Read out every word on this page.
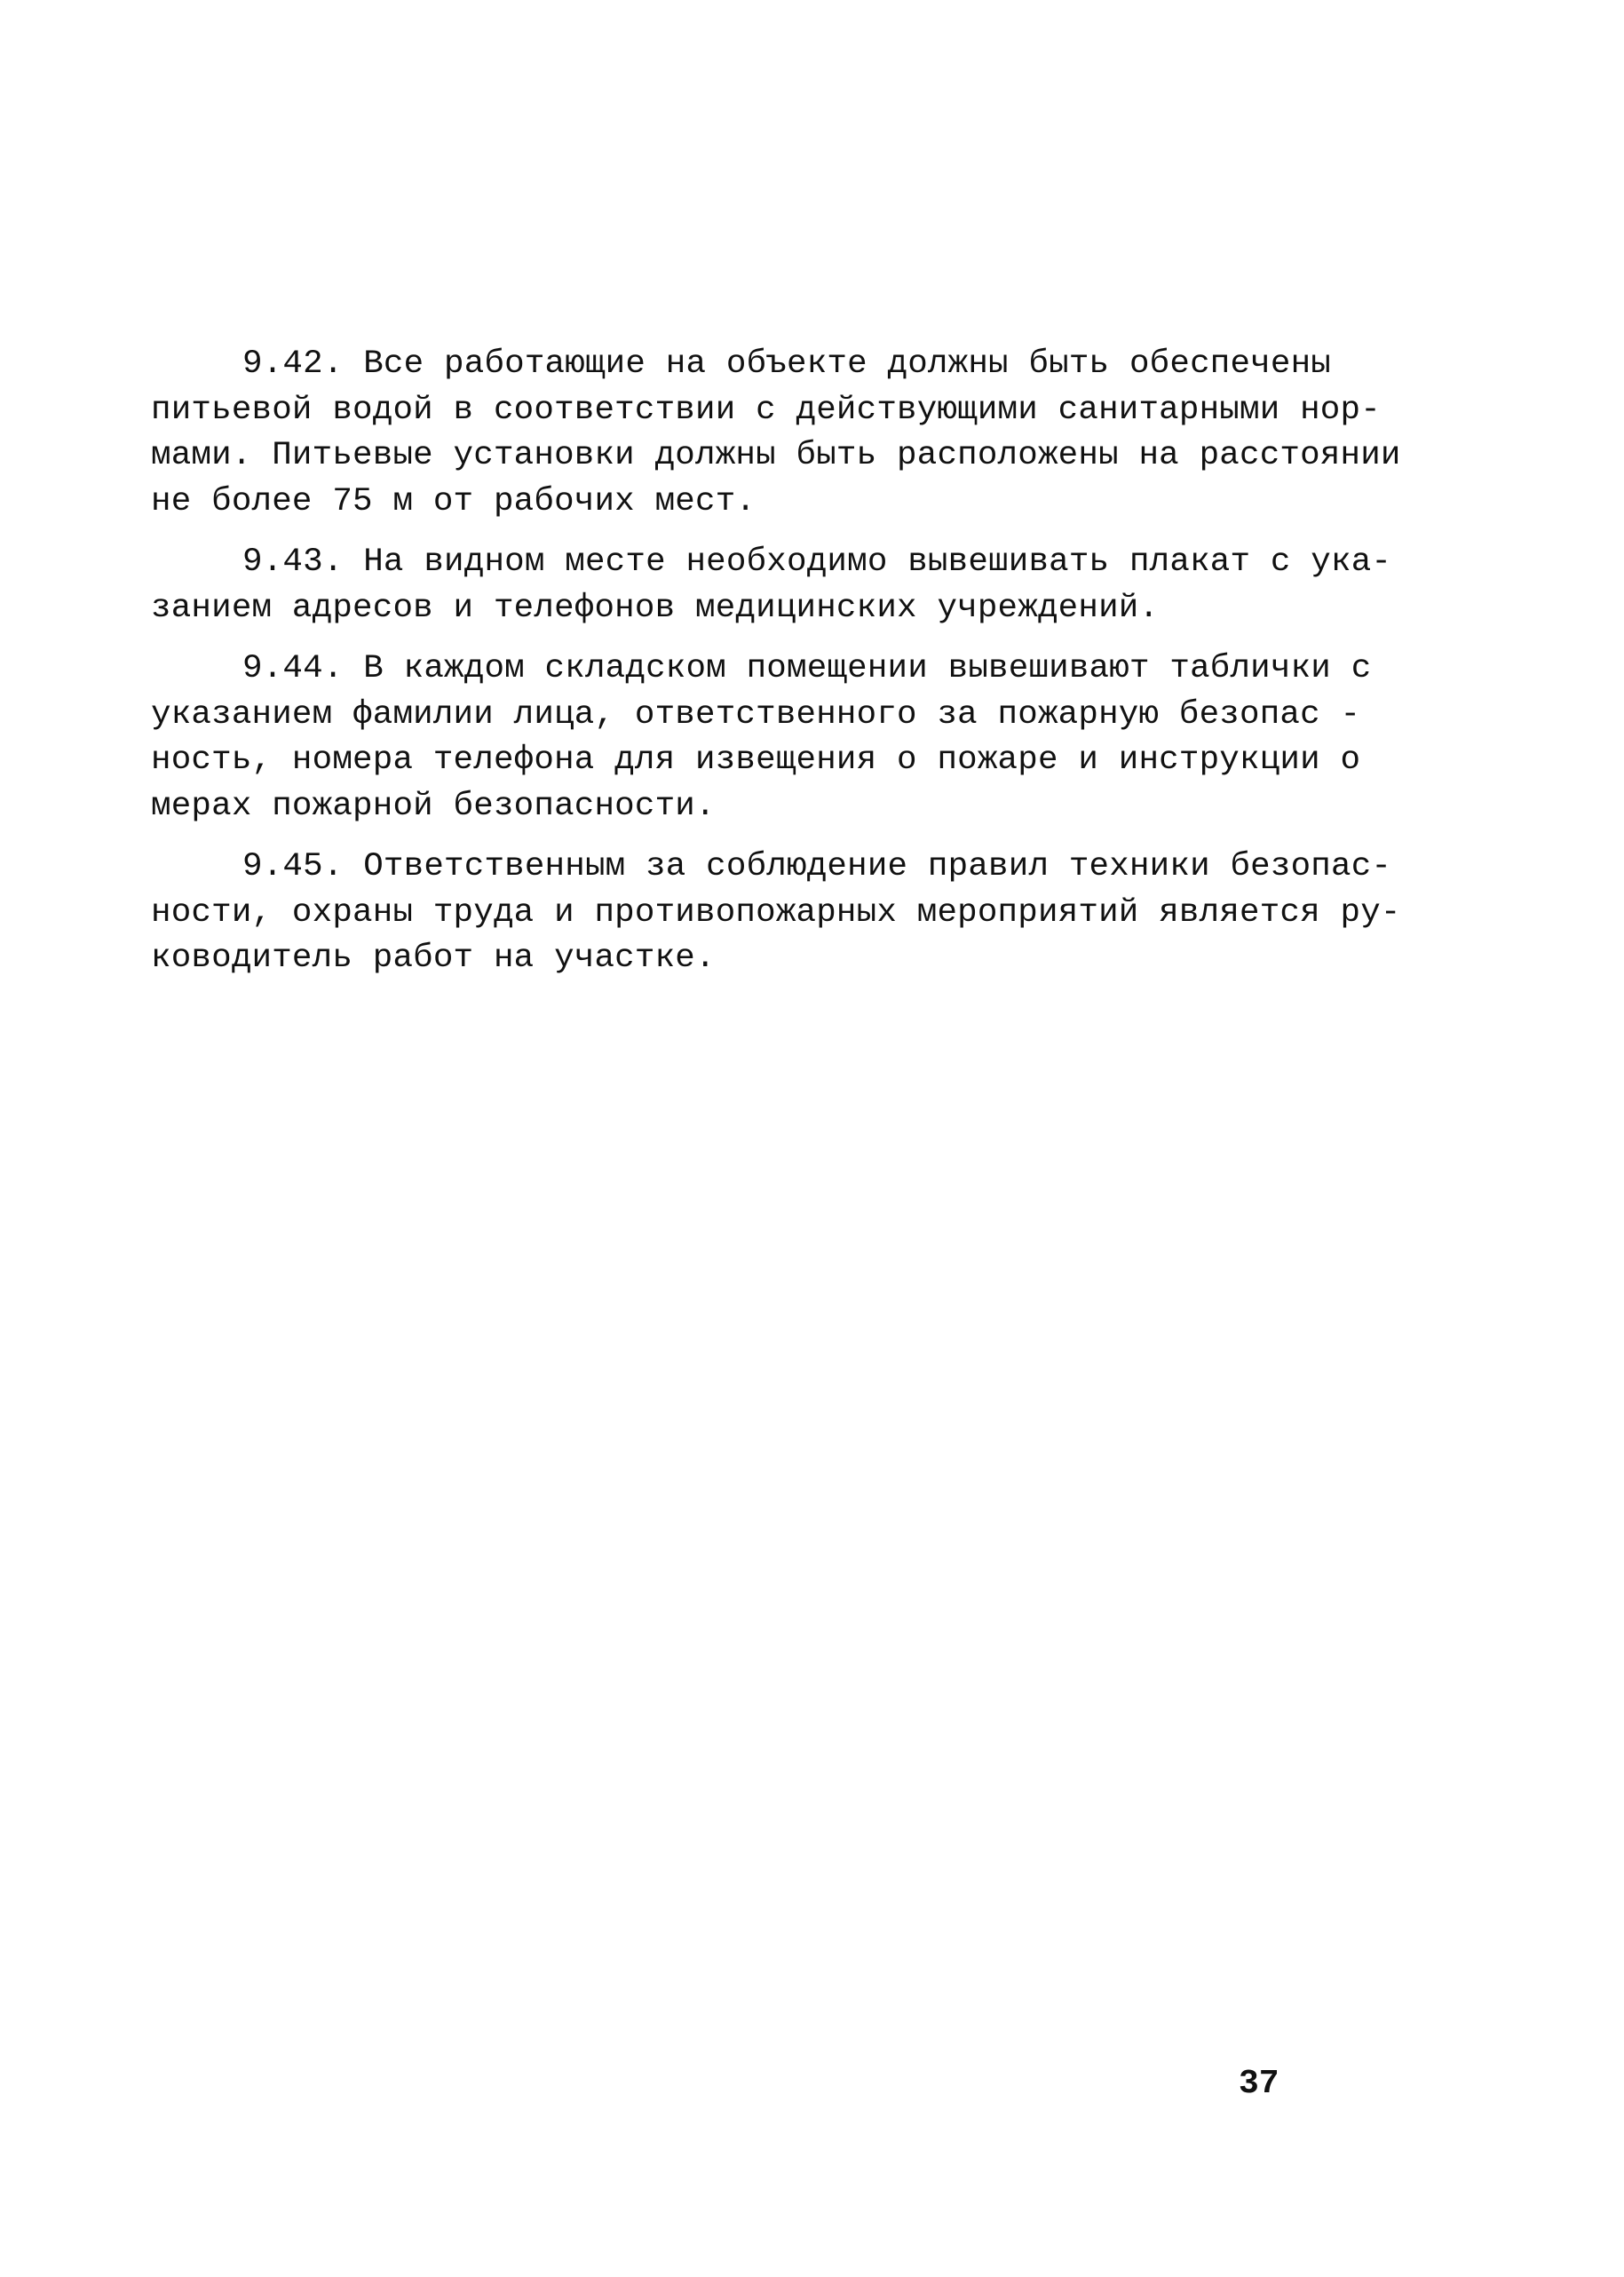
9.42. Все работающие на объекте должны быть обеспечены
питьевой водой в соответствии с действующими санитарными нор-
мами. Питьевые установки должны быть расположены на расстоянии
не более 75 м от рабочих мест.
9.43. На видном месте необходимо вывешивать плакат с ука-
занием адресов и телефонов медицинских учреждений.
9.44. В каждом складском помещении вывешивают таблички с
указанием фамилии лица, ответственного за пожарную безопас -
ность, номера телефона для извещения о пожаре и инструкции о
мерах пожарной безопасности.
9.45. Ответственным за соблюдение правил техники безопас-
ности, охраны труда и противопожарных мероприятий является ру-
ководитель работ на участке.
37
